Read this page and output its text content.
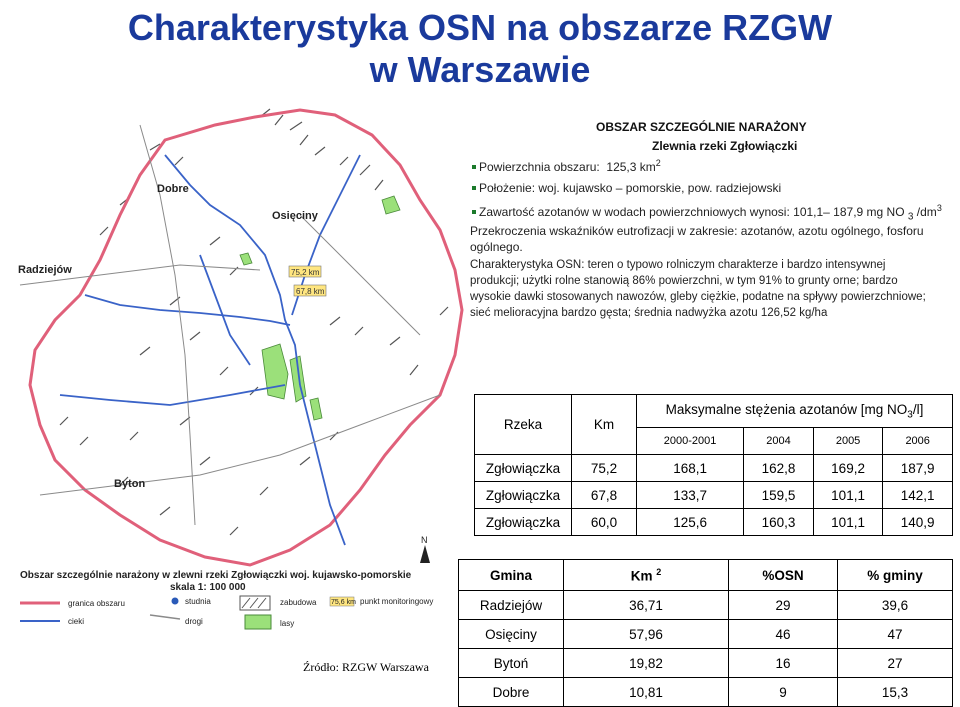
Charakterystyka OSN na obszarze RZGW
w Warszawie
75,2 km
67,8 km
Dobre
Osięciny
Radziejów
Byton
Obszar szczególnie narażony w zlewni rzeki Zgłowiączki woj. kujawsko-pomorskie
skala 1: 100 000
granica obszaru	studnia	zabudowa 75,6 km punkt monitoringowy
cieki	drogi	lasy
N
OBSZAR SZCZEGÓLNIE NARAŻONY
Zlewnia rzeki Zgłowiączki
Powierzchnia obszaru: 125,3 $km^2$
Położenie: woj. kujawsko – pomorskie, pow. radziejowski
Zawartość azotanów w wodach powierzchniowych wynosi: 101,1– 187,9 mg NO $_3$ $/dm^3$
Przekroczenia wskaźników eutrofizacji w zakresie: azotanów, azotu ogólnego, fosforu
ogólnego.
Charakterystyka OSN: teren o typowo rolniczym charakterze i bardzo intensywnej
produkcji; użytki rolne stanowią 86% powierzchni, w tym 91% to grunty orne; bardzo
wysokie dawki stosowanych nawozów, gleby ciężkie, podatne na spływy powierzchniowe;
sieć melioracyjna bardzo gęsta; średnia nadwyżka azotu 126,52 kg/ha
Rzeka	Km	Maksymalne stężenia azotanów [mg $NO_3/l$]			
		2000-2001	2004	2005	2006
Zgłowiączka	75,2	168,1	162,8	169,2	187,9
Zgłowiączka	67,8	133,7	159,5	101,1	142,1
Zgłowiączka	60,0	125,6	160,3	101,1	140,9
Gmina	Km $^2$	%OSN	% gminy
Radziejów	36,71	29	39,6
Osięciny	57,96	46	47
Bytoń	19,82	16	27
Dobre	10,81	9	15,3
Źródło: RZGW Warszawa
